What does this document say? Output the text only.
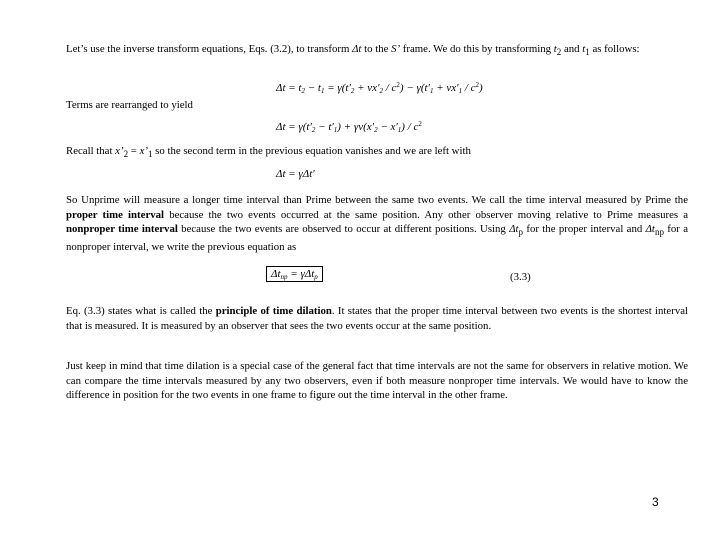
Let’s use the inverse transform equations, Eqs. (3.2), to transform Δt to the S’ frame. We do this by transforming $t_2$ and $t_1$ as follows:

$\Delta t = t2 - t1 = \gamma(t'2 + vx'2 / c^2) - \gamma(t'1 + vx'1 / c^2)$

Terms are rearranged to yield

$\Delta t = \gamma(t'2 - t'1) + \gamma v(x'2 - x'1) / c^2$

Recall that $x’_2$ = $x’_1$ so the second term in the previous equation vanishes and we are left with

Δt = γΔt′

So Unprime will measure a longer time interval than Prime between the same two events. We call the time interval measured by Prime the proper time interval because the two events occurred at the same position. Any other observer moving relative to Prime measures a nonproper time interval because the two events are observed to occur at different positions. Using $\Delta t_p$ for the proper interval and $\Delta t_{np}$ for a nonproper interval, we write the previous equation as

Δtnp = γΔtp	(3.3)

Eq. (3.3) states what is called the principle of time dilation. It states that the proper time interval between two events is the shortest interval that is measured. It is measured by an observer that sees the two events occur at the same position.

Just keep in mind that time dilation is a special case of the general fact that time intervals are not the same for observers in relative motion. We can compare the time intervals measured by any two observers, even if both measure nonproper time intervals. We would have to know the difference in position for the two events in one frame to figure out the time interval in the other frame.

3
